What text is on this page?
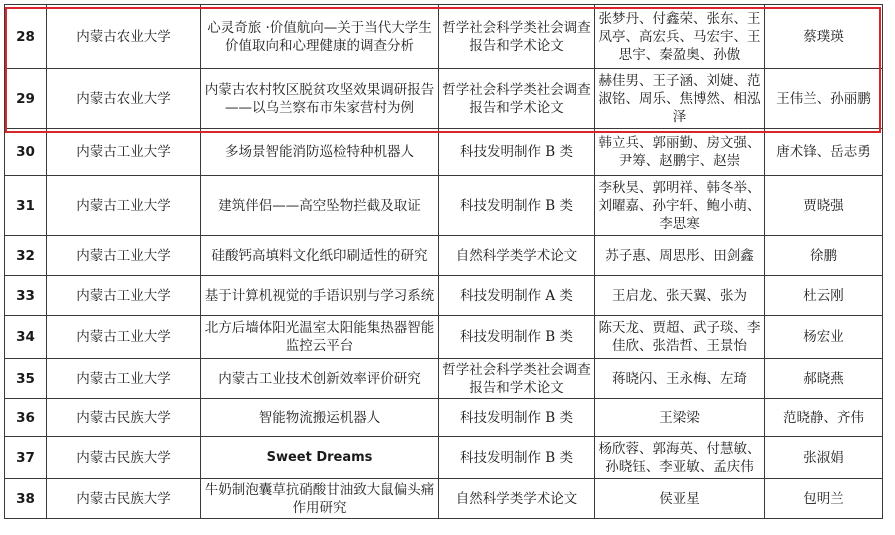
28	内蒙古农业大学	心灵奇旅 ·价值航向—关于当代大学生价值取向和心理健康的调查分析	哲学社会科学类社会调查报告和学术论文	张梦丹、付鑫荣、张东、王凤亭、高宏兵、马宏宇、王思宇、秦盈奥、孙傲	蔡璞瑛
29	内蒙古农业大学	内蒙古农村牧区脱贫攻坚效果调研报告——以乌兰察布市朱家营村为例	哲学社会科学类社会调查报告和学术论文	赫佳男、王子涵、刘婕、范淑铭、周乐、焦博然、相泓泽	王伟兰、孙丽鹏
30	内蒙古工业大学	多场景智能消防巡检特种机器人	科技发明制作 B 类	韩立兵、郭丽勤、房文强、尹筹、赵鹏宇、赵崇	唐术锋、岳志勇
31	内蒙古工业大学	建筑伴侣——高空坠物拦截及取证	科技发明制作 B 类	李秋昊、郭明祥、韩冬举、刘曜嘉、孙宇轩、鲍小萌、李思寒	贾晓强
32	内蒙古工业大学	硅酸钙高填料文化纸印刷适性的研究	自然科学类学术论文	苏子惠、周思彤、田剑鑫	徐鹏
33	内蒙古工业大学	基于计算机视觉的手语识别与学习系统	科技发明制作 A 类	王启龙、张天翼、张为	杜云刚
34	内蒙古工业大学	北方后墙体阳光温室太阳能集热器智能监控云平台	科技发明制作 B 类	陈天龙、贾超、武子琰、李佳欣、张浩哲、王景怡	杨宏业
35	内蒙古工业大学	内蒙古工业技术创新效率评价研究	哲学社会科学类社会调查报告和学术论文	蒋晓闪、王永梅、左琦	郝晓燕
36	内蒙古民族大学	智能物流搬运机器人	科技发明制作 B 类	王梁梁	范晓静、齐伟
37	内蒙古民族大学	Sweet Dreams	科技发明制作 B 类	杨欣蓉、郭海英、付慧敏、孙晓钰、李亚敏、孟庆伟	张淑娟
38	内蒙古民族大学	牛奶制泡囊草抗硝酸甘油致大鼠偏头痛作用研究	自然科学类学术论文	侯亚星	包明兰
